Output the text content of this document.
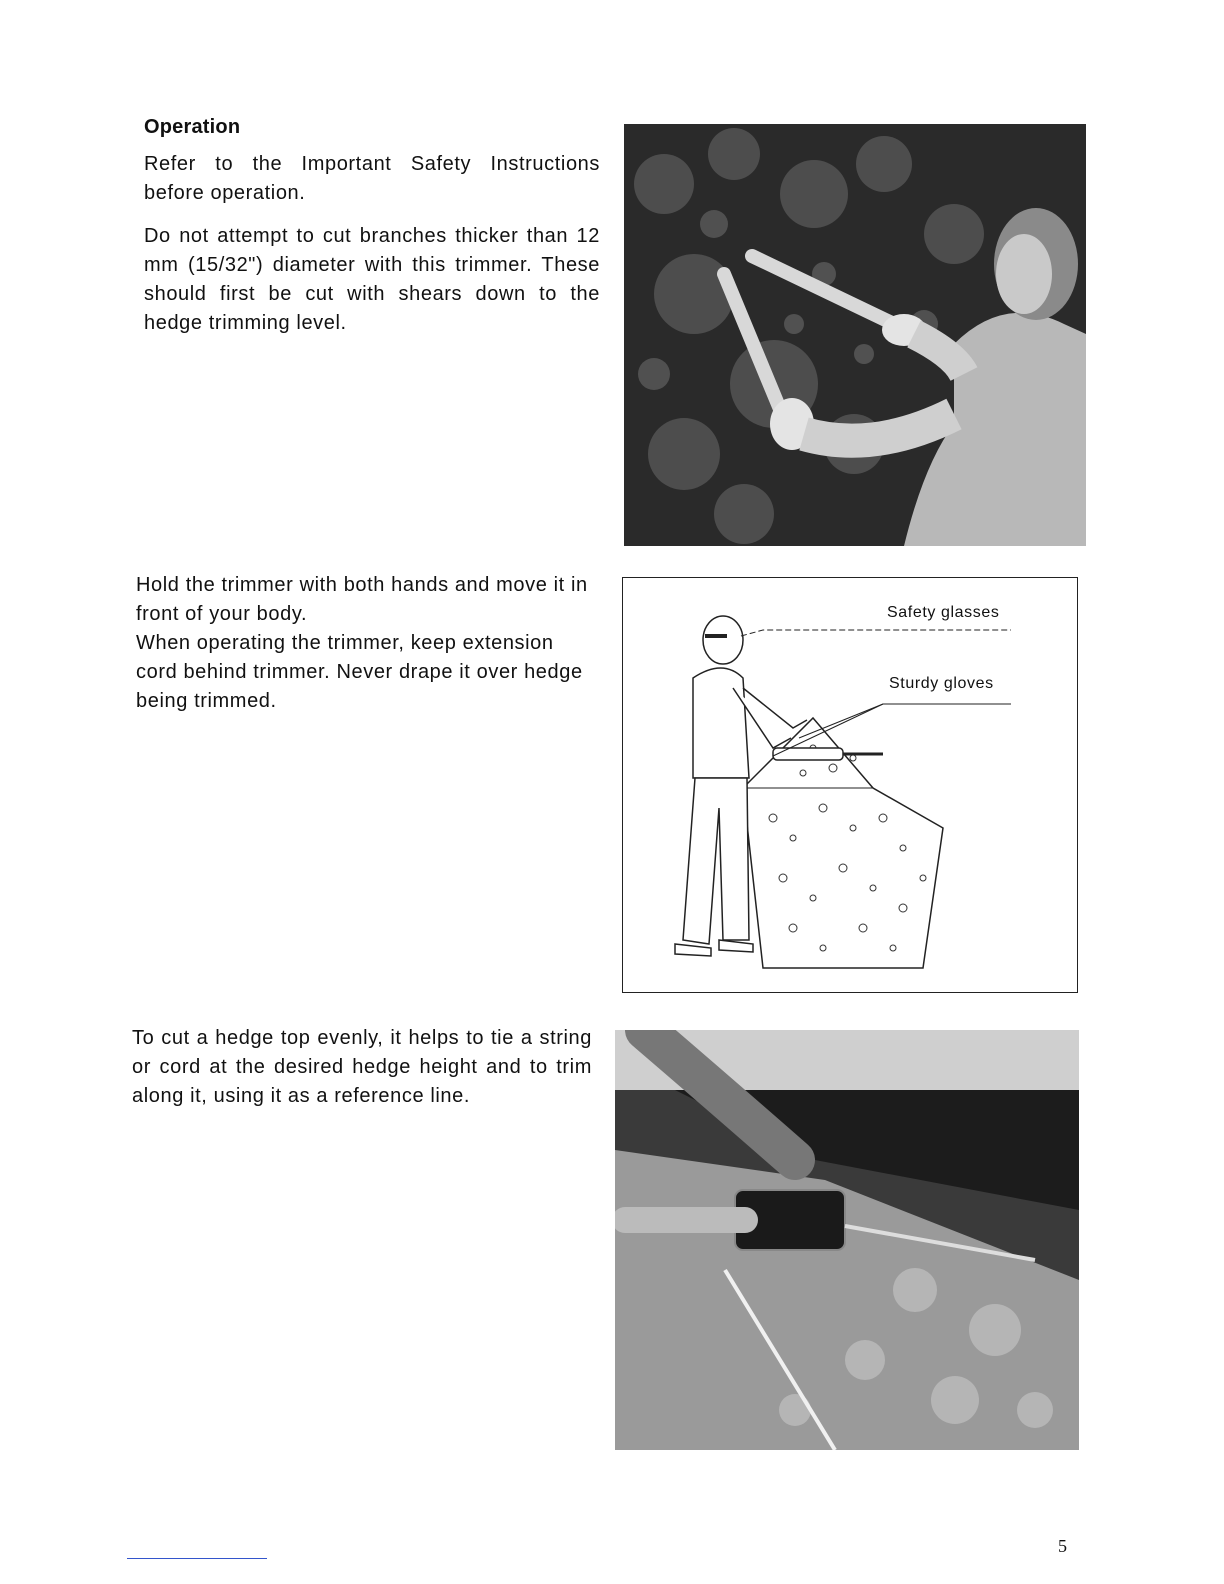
Operation

Refer to the Important Safety Instructions before operation.

Do not attempt to cut branches thicker than 12 mm (15/32") diameter with this trimmer. These should first be cut with shears down to the hedge trimming level.

Hold the trimmer with both hands and move it in front of your body.

When operating the trimmer, keep extension cord behind trimmer. Never drape it over hedge being trimmed.

To cut a hedge top evenly, it helps to tie a string or cord at the desired hedge height and to trim along it, using it as a reference line.

Safety glasses
Sturdy gloves
5
